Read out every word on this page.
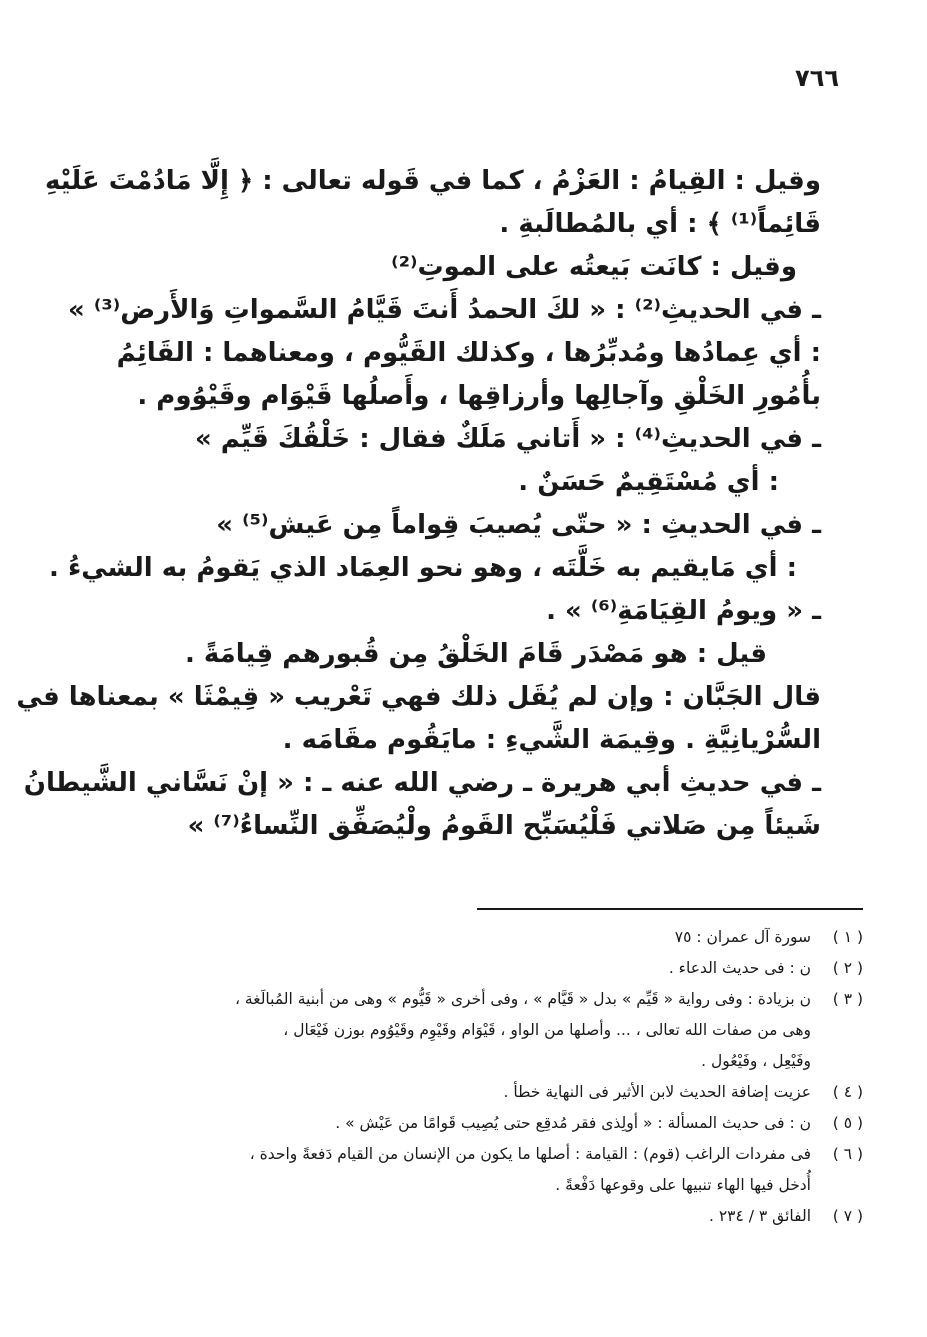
٧٦٦
وقيل : القِيامُ : العَزْمُ ، كما في قَوله تعالى : ﴿ إِلَّا مَادُمْتَ عَلَيْهِ
قَائِماً⁽¹⁾ ﴾ : أي بالمُطالَبةِ .
وقيل : كانَت بَيعتُه على الموتِ⁽²⁾
ـ في الحديثِ⁽²⁾ : « لكَ الحمدُ أَنتَ قَيَّامُ السَّمواتِ وَالأَرض⁽³⁾ »
: أي عِمادُها ومُدبِّرُها ، وكذلك القَيُّوم ، ومعناهما : القَائِمُ
بأُمُورِ الخَلْقِ وآجالِها وأرزاقِها ، وأَصلُها قَيْوَام وقَيْوُوم .
ـ في الحديثِ⁽⁴⁾ : « أَتاني مَلَكٌ فقال : خَلْقُكَ قَيِّم »
: أي مُسْتَقِيمٌ حَسَنٌ .
ـ في الحديثِ : « حتّى يُصيبَ قِواماً مِن عَيش⁽⁵⁾ »
: أي مَايقيم به خَلَّتَه ، وهو نحو العِمَاد الذي يَقومُ به الشيءُ .
ـ « ويومُ القِيَامَةِ⁽⁶⁾ » .
قيل : هو مَصْدَر قَامَ الخَلْقُ مِن قُبورهم قِيامَةً .
قال الجَبَّان : وإن لم يُقَل ذلك فهي تَعْريب « قِيمْثَا » بمعناها في
السُّرْيانِيَّةِ . وقِيمَة الشَّيءِ : مايَقُوم مقَامَه .
ـ في حديثِ أبي هريرة ـ رضي الله عنه ـ : « إنْ نَسَّاني الشَّيطانُ
شَيئاً مِن صَلاتي فَلْيُسَبِّح القَومُ ولْيُصَفِّق النِّساءُ⁽⁷⁾ »
( ١ )
سورة آل عمران : ٧٥
( ٢ )
ن : فى حديث الدعاء .
( ٣ )
ن بزيادة : وفى رواية « قَيِّم » بدل « قَيَّام » ، وفى أخرى « قَيُّوم » وهى من أبنية المُبالَغة ،
وهى من صفات الله تعالى ، ... وأصلها من الواو ، قَيْوَام وقَيْوِم وقَيْوُوم بوزن فَيْعَال ،
وفَيْعِل ، وفَيْعُول .
( ٤ )
عزيت إضافة الحديث لابن الأثير فى النهاية خطأ .
( ٥ )
ن : فى حديث المسألة : « أولِذى فقر مُدقِع حتى يُصِيب قَوامًا من عَيْش » .
( ٦ )
فى مفردات الراغب (قوم) : القيامة : أصلها ما يكون من الإنسان من القيام دَفعةً واحدة ،
أُدخل فيها الهاء تنبيها على وقوعها دَفْعةً .
( ٧ )
الفائق ٣ / ٢٣٤ .
